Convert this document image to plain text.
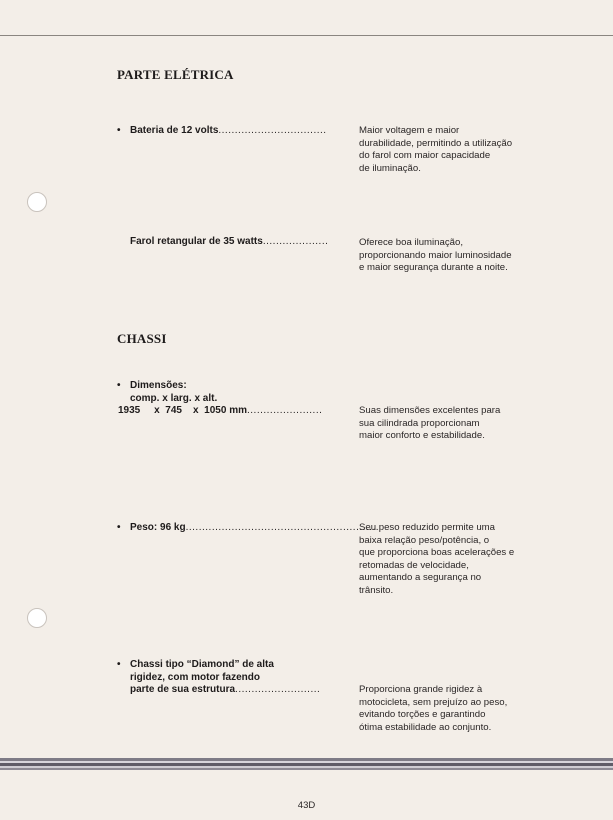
PARTE ELÉTRICA
• Bateria de 12 volts.................................	Maior voltagem e maior
durabilidade, permitindo a utilização
do farol com maior capacidade
de iluminação.
Farol retangular de 35 watts....................	Oferece boa iluminação,
proporcionando maior luminosidade
e maior segurança durante a noite.
CHASSI
• Dimensões:
comp. x larg. x alt.
1935     x  745    x  1050 mm.......................	Suas dimensões excelentes para
sua cilindrada proporcionam
maior conforto e estabilidade.
• Peso: 96 kg...........................................................
Seu peso reduzido permite uma
baixa relação peso/potência, o
que proporciona boas acelerações e
retomadas de velocidade,
aumentando a segurança no
trânsito.
• Chassi tipo “Diamond” de alta
rigidez, com motor fazendo
parte de sua estrutura..........................	Proporciona grande rigidez à
motocicleta, sem prejuízo ao peso,
evitando torções e garantindo
ótima estabilidade ao conjunto.
43D
